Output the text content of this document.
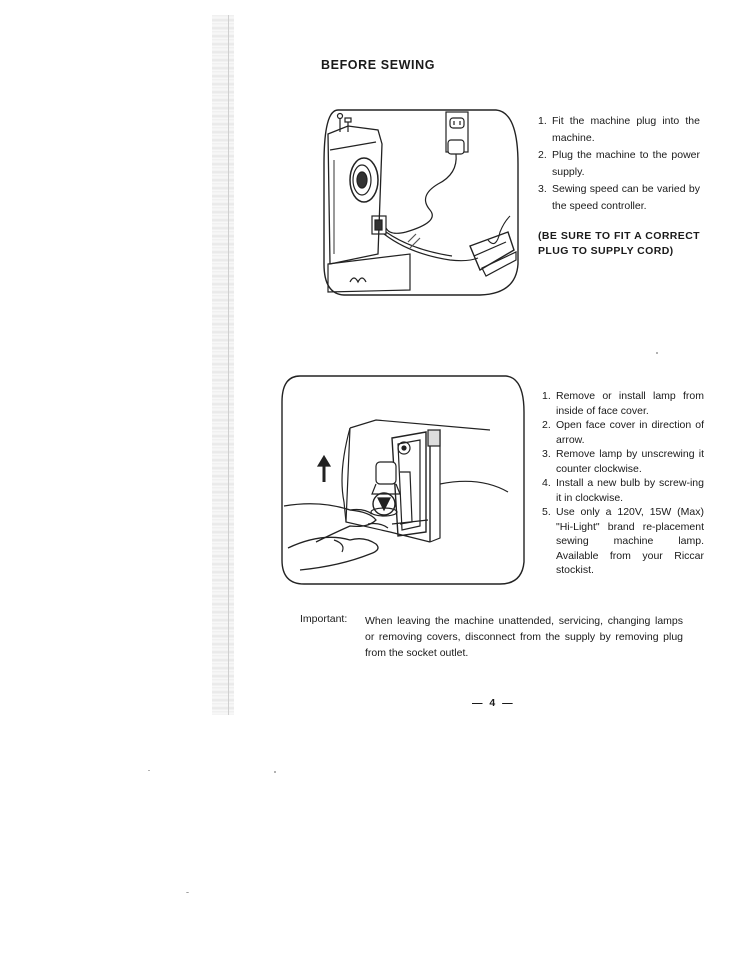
BEFORE SEWING
1. Fit the machine plug into the machine.
2. Plug the machine to the power supply.
3. Sewing speed can be varied by the speed controller.

(BE SURE TO FIT A CORRECT PLUG TO SUPPLY CORD)

1. Remove or install lamp from inside of face cover.
2. Open face cover in direction of arrow.
3. Remove lamp by unscrewing it counter clockwise.
4. Install a new bulb by screw-ing it in clockwise.
5. Use only a 120V, 15W (Max) "Hi-Light" brand re-placement sewing machine lamp. Available from your Riccar stockist.
Important: When leaving the machine unattended, servicing, changing lamps or removing covers, disconnect from the supply by removing plug from the socket outlet.

— 4 —
